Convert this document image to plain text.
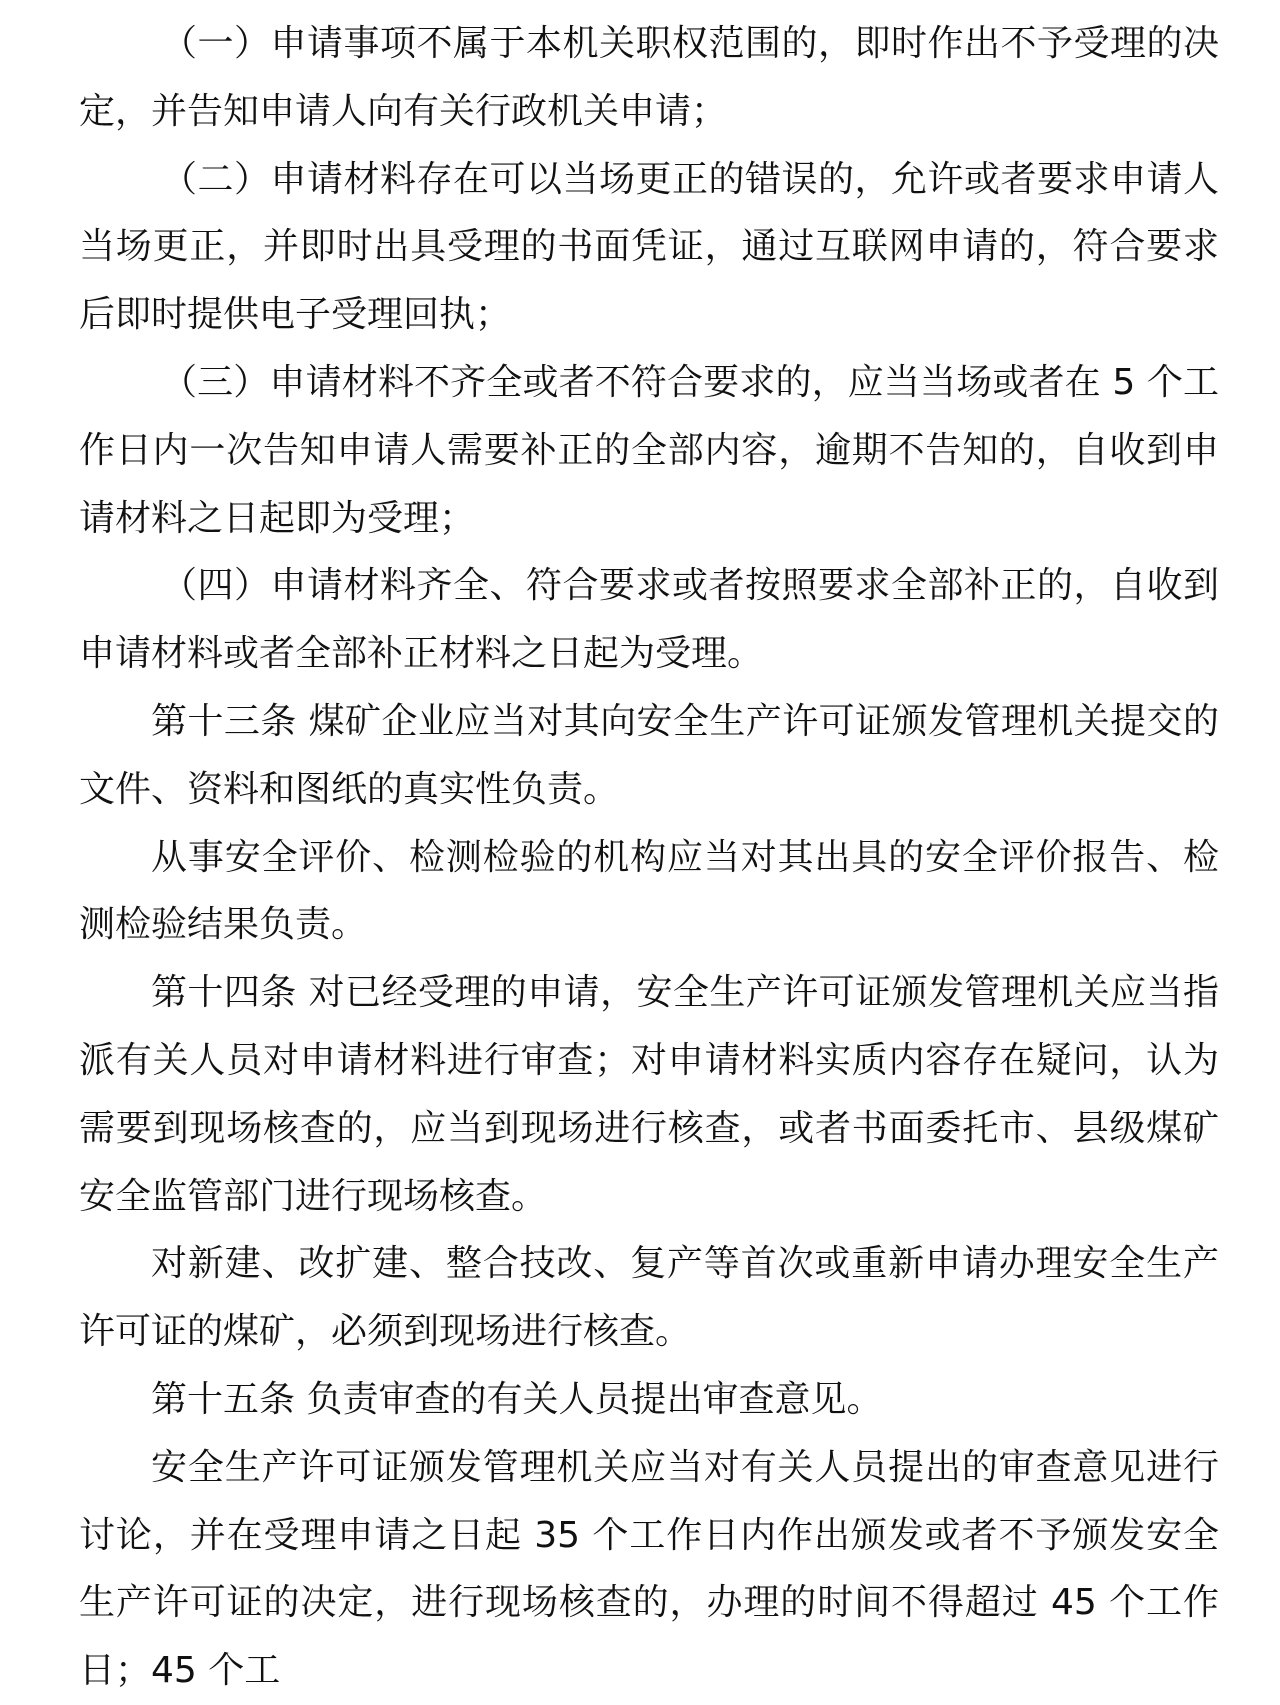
（一）申请事项不属于本机关职权范围的，即时作出不予受理的决定，并告知申请人向有关行政机关申请；

（二）申请材料存在可以当场更正的错误的，允许或者要求申请人当场更正，并即时出具受理的书面凭证，通过互联网申请的，符合要求后即时提供电子受理回执；

（三）申请材料不齐全或者不符合要求的，应当当场或者在 5 个工作日内一次告知申请人需要补正的全部内容，逾期不告知的，自收到申请材料之日起即为受理；

（四）申请材料齐全、符合要求或者按照要求全部补正的，自收到申请材料或者全部补正材料之日起为受理。

第十三条 煤矿企业应当对其向安全生产许可证颁发管理机关提交的文件、资料和图纸的真实性负责。

从事安全评价、检测检验的机构应当对其出具的安全评价报告、检测检验结果负责。

第十四条 对已经受理的申请，安全生产许可证颁发管理机关应当指派有关人员对申请材料进行审查；对申请材料实质内容存在疑问，认为需要到现场核查的，应当到现场进行核查，或者书面委托市、县级煤矿安全监管部门进行现场核查。

对新建、改扩建、整合技改、复产等首次或重新申请办理安全生产许可证的煤矿，必须到现场进行核查。

第十五条 负责审查的有关人员提出审查意见。

安全生产许可证颁发管理机关应当对有关人员提出的审查意见进行讨论，并在受理申请之日起 35 个工作日内作出颁发或者不予颁发安全生产许可证的决定，进行现场核查的，办理的时间不得超过 45 个工作日；45 个工
